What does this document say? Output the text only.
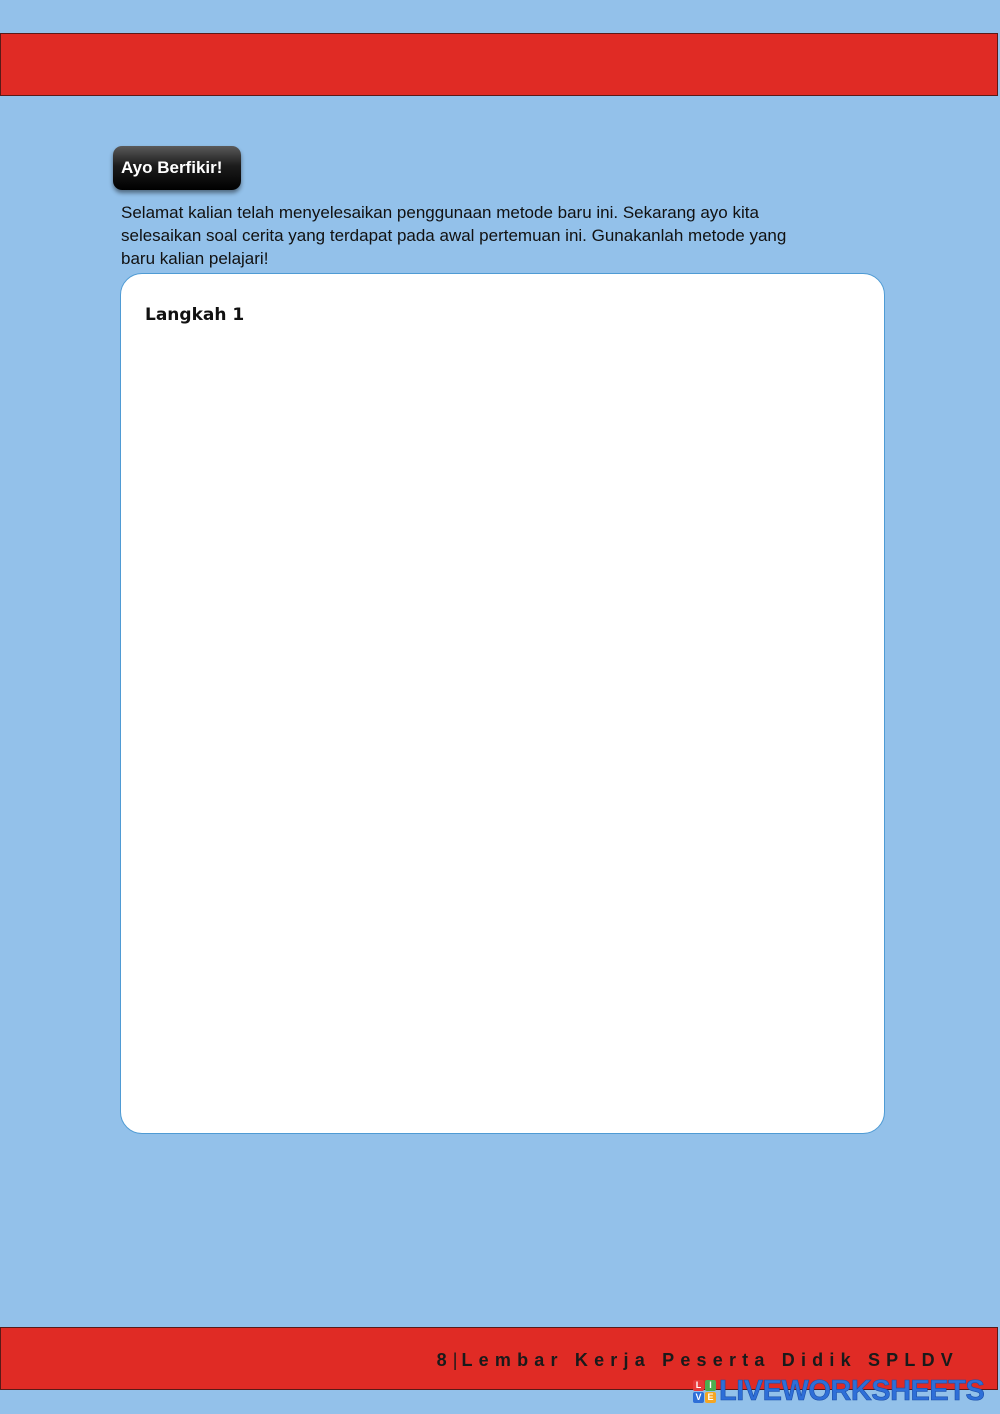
Ayo Berfikir!
Selamat kalian telah menyelesaikan penggunaan metode baru ini. Sekarang ayo kita
selesaikan soal cerita yang terdapat pada awal pertemuan ini. Gunakanlah metode yang
baru kalian pelajari!
Langkah 1
8|Lembar Kerja Peserta Didik SPLDV
L I
V E LIVEWORKSHEETS
